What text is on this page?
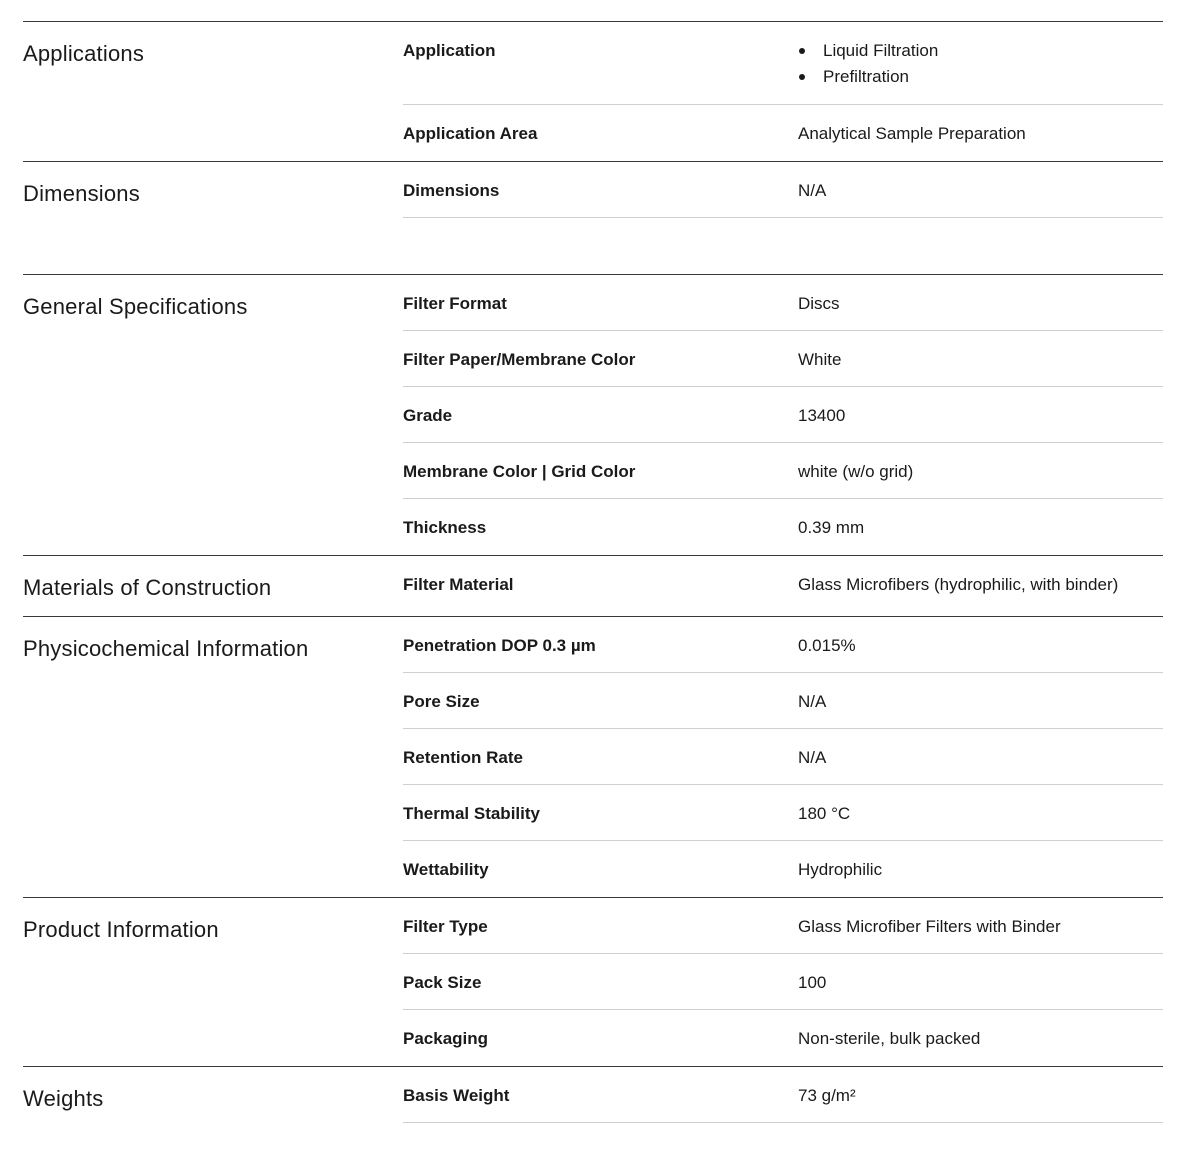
Applications	Application	Liquid Filtration
Prefiltration
Application Area	Analytical Sample Preparation
Dimensions	Dimensions	N/A
General Specifications	Filter Format	Discs
Filter Paper/Membrane Color	White
Grade	13400
Membrane Color | Grid Color	white (w/o grid)
Thickness	0.39 mm
Materials of Construction	Filter Material	Glass Microfibers (hydrophilic, with binder)
Physicochemical Information	Penetration DOP 0.3 µm	0.015%
Pore Size	N/A
Retention Rate	N/A
Thermal Stability	180 °C
Wettability	Hydrophilic
Product Information	Filter Type	Glass Microfiber Filters with Binder
Pack Size	100
Packaging	Non-sterile, bulk packed
Weights	Basis Weight	73 g/m²
